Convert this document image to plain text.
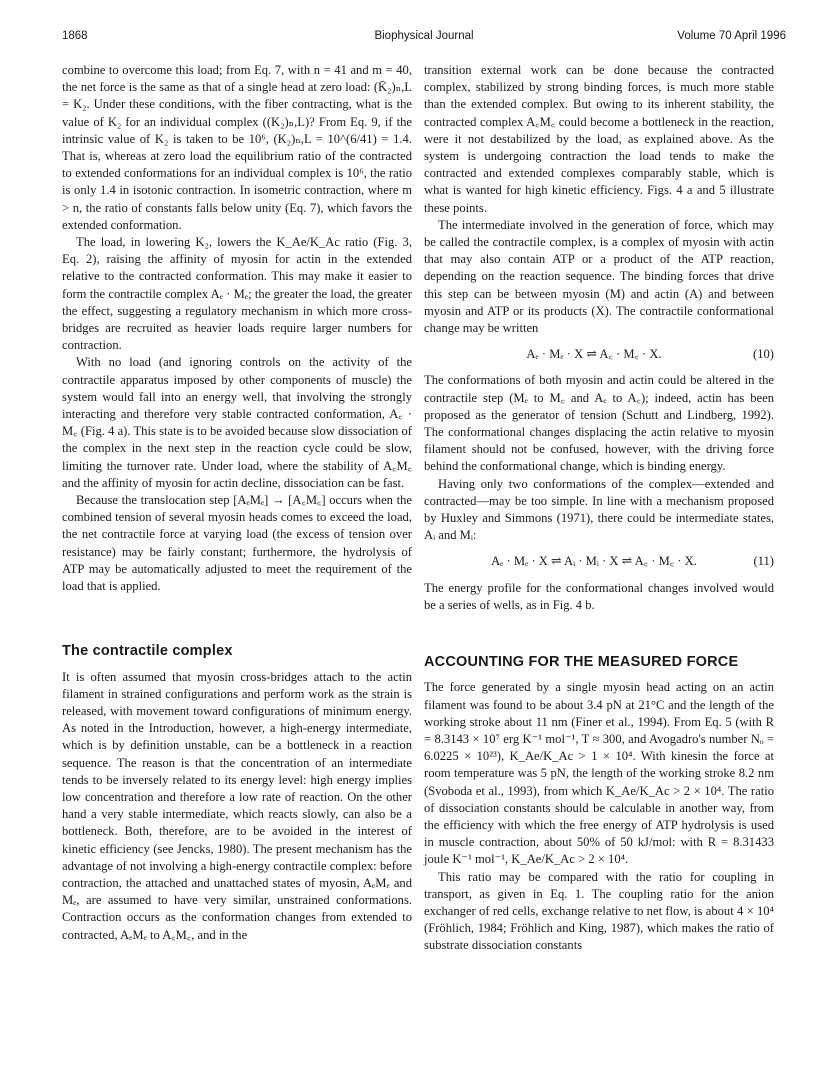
1868	Biophysical Journal	Volume 70 April 1996

combine to overcome this load; from Eq. 7, with n = 41 and m = 40, the net force is the same as that of a single head at zero load: (K̄₂)ₙ,L = K₂. Under these conditions, with the fiber contracting, what is the value of K₂ for an individual complex ((K₂)ₙ,L)? From Eq. 9, if the intrinsic value of K₂ is taken to be 10⁶, (K₂)ₙ,L = 10^(6/41) = 1.4. That is, whereas at zero load the equilibrium ratio of the contracted to extended conformations for an individual complex is 10⁶, the ratio is only 1.4 in isotonic contraction. In isometric contraction, where m > n, the ratio of constants falls below unity (Eq. 7), which favors the extended conformation.

The load, in lowering K₂, lowers the K_Ae/K_Ac ratio (Fig. 3, Eq. 2), raising the affinity of myosin for actin in the extended relative to the contracted conformation. This may make it easier to form the contractile complex Aₑ · Mₑ; the greater the load, the greater the effect, suggesting a regulatory mechanism in which more cross-bridges are recruited as heavier loads require larger numbers for contraction.

With no load (and ignoring controls on the activity of the contractile apparatus imposed by other components of muscle) the system would fall into an energy well, that involving the strongly interacting and therefore very stable contracted conformation, A꜀ · M꜀ (Fig. 4 a). This state is to be avoided because slow dissociation of the complex in the next step in the reaction cycle could be slow, limiting the turnover rate. Under load, where the stability of A꜀M꜀ and the affinity of myosin for actin decline, dissociation can be fast.

Because the translocation step [AₑMₑ] → [A꜀M꜀] occurs when the combined tension of several myosin heads comes to exceed the load, the net contractile force at varying load (the excess of tension over resistance) may be fairly constant; furthermore, the hydrolysis of ATP may be automatically adjusted to meet the requirement of the load that is applied.

The contractile complex

It is often assumed that myosin cross-bridges attach to the actin filament in strained configurations and perform work as the strain is released, with movement toward configurations of minimum energy. As noted in the Introduction, however, a high-energy intermediate, which is by definition unstable, can be a bottleneck in a reaction sequence. The reason is that the concentration of an intermediate tends to be inversely related to its energy level: high energy implies low concentration and therefore a low rate of reaction. On the other hand a very stable intermediate, which reacts slowly, can also be a bottleneck. Both, therefore, are to be avoided in the interest of kinetic efficiency (see Jencks, 1980). The present mechanism has the advantage of not involving a high-energy contractile complex: before contraction, the attached and unattached states of myosin, AₑMₑ and Mₑ, are assumed to have very similar, unstrained conformations. Contraction occurs as the conformation changes from extended to contracted, AₑMₑ to A꜀M꜀, and in the

transition external work can be done because the contracted complex, stabilized by strong binding forces, is much more stable than the extended complex. But owing to its inherent stability, the contracted complex A꜀M꜀ could become a bottleneck in the reaction, were it not destabilized by the load, as explained above. As the system is undergoing contraction the load tends to make the contracted and extended complexes comparably stable, which is what is wanted for high kinetic efficiency. Figs. 4 a and 5 illustrate these points.

The intermediate involved in the generation of force, which may be called the contractile complex, is a complex of myosin with actin that may also contain ATP or a product of the ATP reaction, depending on the reaction sequence. The binding forces that drive this step can be between myosin (M) and actin (A) and between myosin and ATP or its products (X). The contractile conformational change may be written

Aₑ · Mₑ · X ⇌ A꜀ · M꜀ · X.	(10)

The conformations of both myosin and actin could be altered in the contractile step (Mₑ to M꜀ and Aₑ to A꜀); indeed, actin has been proposed as the generator of tension (Schutt and Lindberg, 1992). The conformational changes displacing the actin relative to myosin filament should not be confused, however, with the driving force behind the conformational change, which is binding energy.

Having only two conformations of the complex—extended and contracted—may be too simple. In line with a mechanism proposed by Huxley and Simmons (1971), there could be intermediate states, Aᵢ and Mᵢ:

Aₑ · Mₑ · X ⇌ Aᵢ · Mᵢ · X ⇌ A꜀ · M꜀ · X.	(11)

The energy profile for the conformational changes involved would be a series of wells, as in Fig. 4 b.

ACCOUNTING FOR THE MEASURED FORCE

The force generated by a single myosin head acting on an actin filament was found to be about 3.4 pN at 21°C and the length of the working stroke about 11 nm (Finer et al., 1994). From Eq. 5 (with R = 8.3143 × 10⁷ erg K⁻¹ mol⁻¹, T ≈ 300, and Avogadro's number Nₒ = 6.0225 × 10²³), K_Ae/K_Ac > 1 × 10⁴. With kinesin the force at room temperature was 5 pN, the length of the working stroke 8.2 nm (Svoboda et al., 1993), from which K_Ae/K_Ac > 2 × 10⁴. The ratio of dissociation constants should be calculable in another way, from the efficiency with which the free energy of ATP hydrolysis is used in muscle contraction, about 50% of 50 kJ/mol: with R = 8.31433 joule K⁻¹ mol⁻¹, K_Ae/K_Ac > 2 × 10⁴.

This ratio may be compared with the ratio for coupling in transport, as given in Eq. 1. The coupling ratio for the anion exchanger of red cells, exchange relative to net flow, is about 4 × 10⁴ (Fröhlich, 1984; Fröhlich and King, 1987), which makes the ratio of substrate dissociation constants
